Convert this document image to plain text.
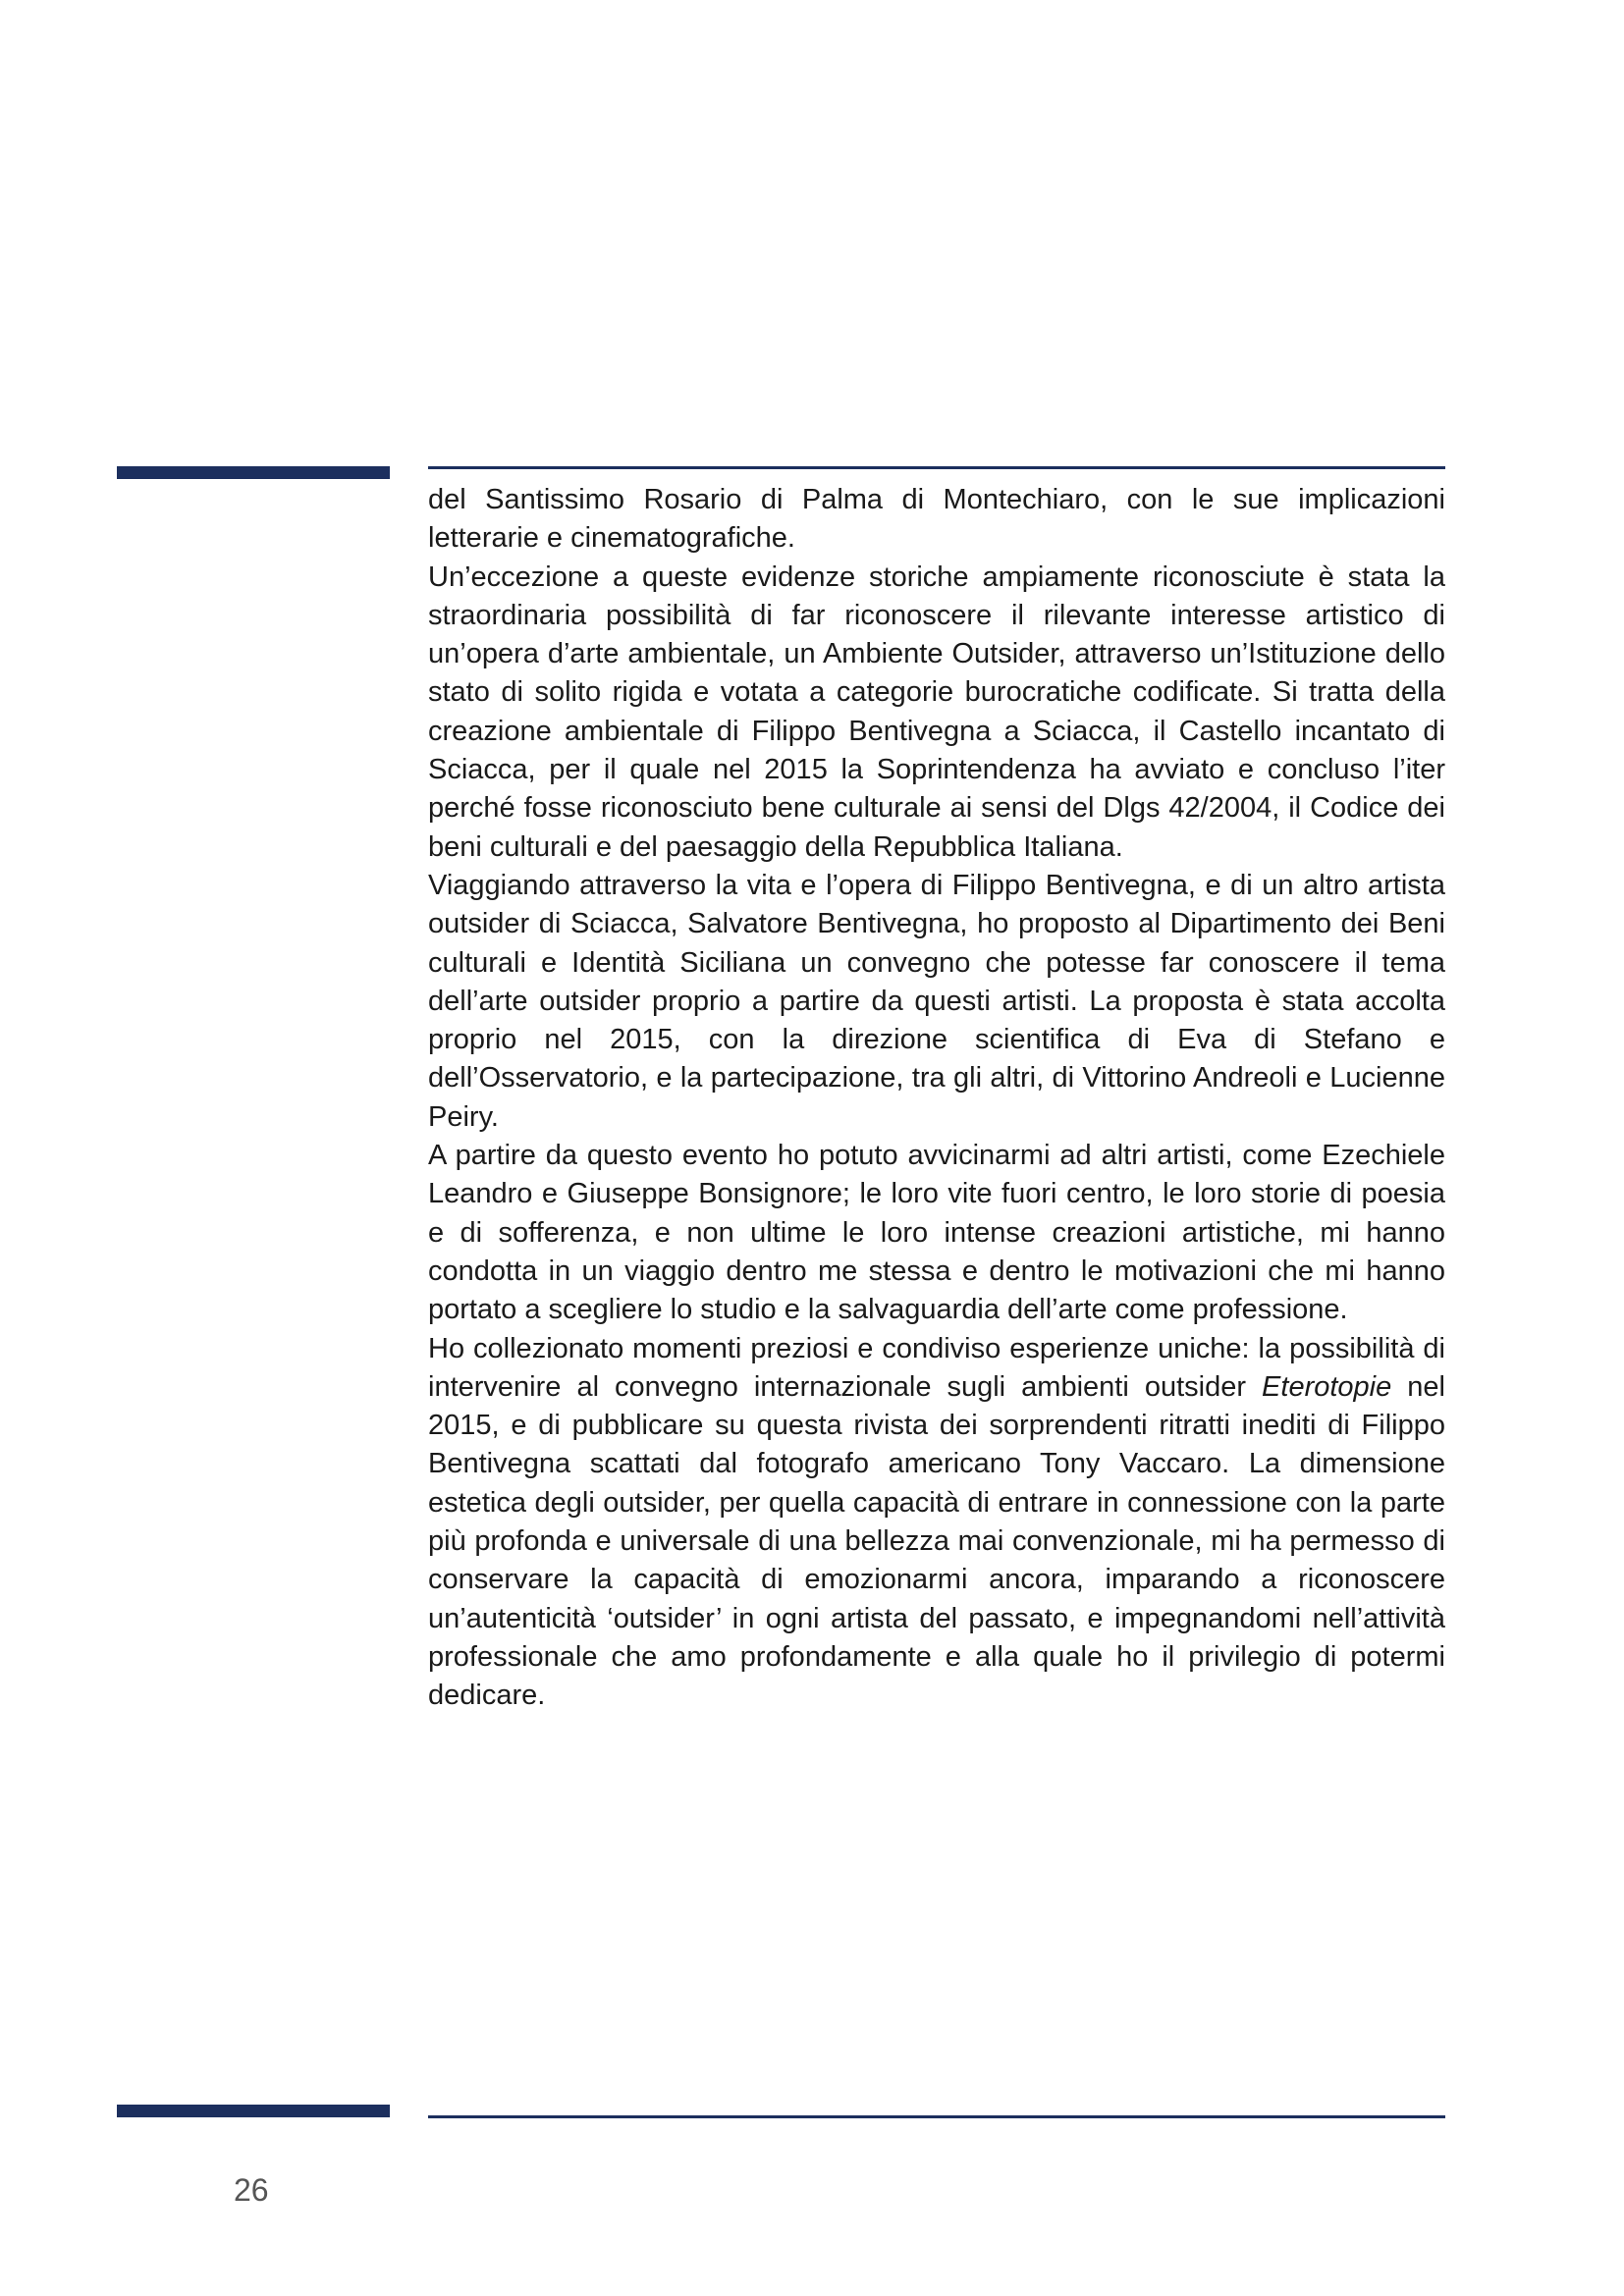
del Santissimo Rosario di Palma di Montechiaro, con le sue implicazioni letterarie e cinematografiche.

Un’eccezione a queste evidenze storiche ampiamente riconosciute è stata la straordinaria possibilità di far riconoscere il rilevante interesse artistico di un’opera d’arte ambientale, un Ambiente Outsider, attraverso un’Istituzione dello stato di solito rigida e votata a categorie burocratiche codificate. Si tratta della creazione ambientale di Filippo Bentivegna a Sciacca, il Castello incantato di Sciacca, per il quale nel 2015 la Soprintendenza ha avviato e concluso l’iter perché fosse riconosciuto bene culturale ai sensi del Dlgs 42/2004, il Codice dei beni culturali e del paesaggio della Repubblica Italiana.

Viaggiando attraverso la vita e l’opera di Filippo Bentivegna, e di un altro artista outsider di Sciacca, Salvatore Bentivegna, ho proposto al Dipartimento dei Beni culturali e Identità Siciliana un convegno che potesse far conoscere il tema dell’arte outsider proprio a partire da questi artisti. La proposta è stata accolta proprio nel 2015, con la direzione scientifica di Eva di Stefano e dell’Osservatorio, e la partecipazione, tra gli altri, di Vittorino Andreoli e Lucienne Peiry.

A partire da questo evento ho potuto avvicinarmi ad altri artisti, come Ezechiele Leandro e Giuseppe Bonsignore; le loro vite fuori centro, le loro storie di poesia e di sofferenza, e non ultime le loro intense creazioni artistiche, mi hanno condotta in un viaggio dentro me stessa e dentro le motivazioni che mi hanno portato a scegliere lo studio e la salvaguardia dell’arte come professione.

Ho collezionato momenti preziosi e condiviso esperienze uniche: la possibilità di intervenire al convegno internazionale sugli ambienti outsider Eterotopie nel 2015, e di pubblicare su questa rivista dei sorprendenti ritratti inediti di Filippo Bentivegna scattati dal fotografo americano Tony Vaccaro. La dimensione estetica degli outsider, per quella capacità di entrare in connessione con la parte più profonda e universale di una bellezza mai convenzionale, mi ha permesso di conservare la capacità di emozionarmi ancora, imparando a riconoscere un’autenticità ‘outsider’ in ogni artista del passato, e impegnandomi nell’attività professionale che amo profondamente e alla quale ho il privilegio di potermi dedicare.

26
